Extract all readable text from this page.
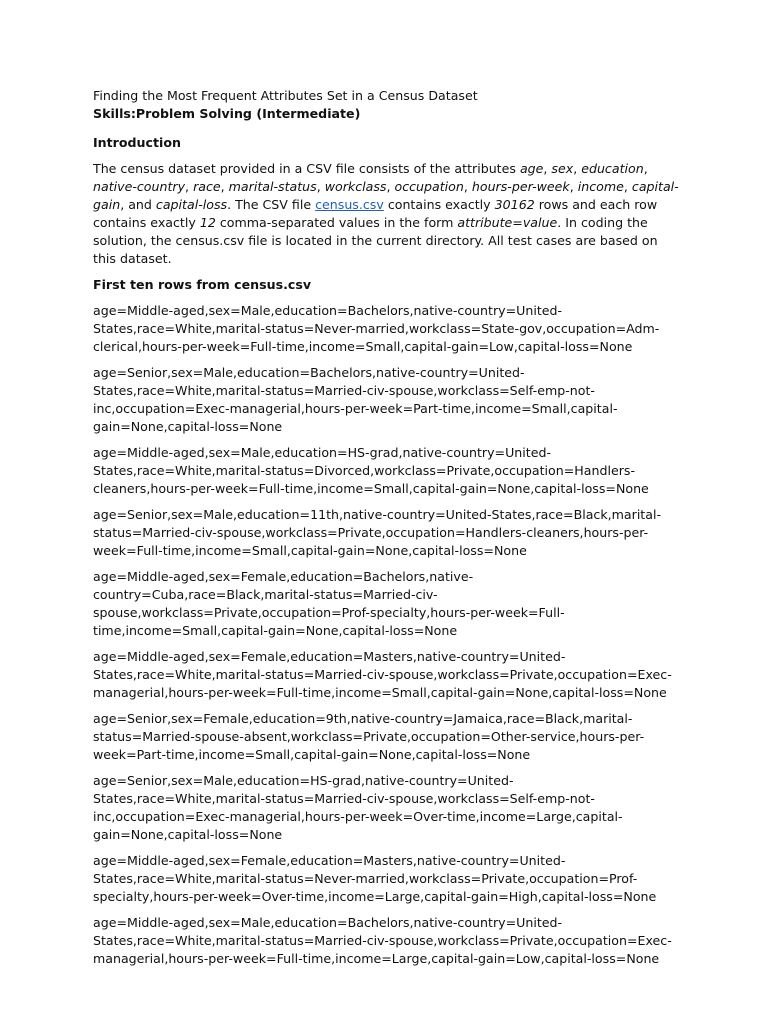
Finding the Most Frequent Attributes Set in a Census Dataset

Skills:Problem Solving (Intermediate)

Introduction

The census dataset provided in a CSV file consists of the attributes age, sex, education, native-country, race, marital-status, workclass, occupation, hours-per-week, income, capital-gain, and capital-loss. The CSV file census.csv contains exactly 30162 rows and each row contains exactly 12 comma-separated values in the form attribute=value. In coding the solution, the census.csv file is located in the current directory. All test cases are based on this dataset.

First ten rows from census.csv

age=Middle-aged,sex=Male,education=Bachelors,native-country=United-States,race=White,marital-status=Never-married,workclass=State-gov,occupation=Adm-clerical,hours-per-week=Full-time,income=Small,capital-gain=Low,capital-loss=None

age=Senior,sex=Male,education=Bachelors,native-country=United-States,race=White,marital-status=Married-civ-spouse,workclass=Self-emp-not-inc,occupation=Exec-managerial,hours-per-week=Part-time,income=Small,capital-gain=None,capital-loss=None

age=Middle-aged,sex=Male,education=HS-grad,native-country=United-States,race=White,marital-status=Divorced,workclass=Private,occupation=Handlers-cleaners,hours-per-week=Full-time,income=Small,capital-gain=None,capital-loss=None

age=Senior,sex=Male,education=11th,native-country=United-States,race=Black,marital-status=Married-civ-spouse,workclass=Private,occupation=Handlers-cleaners,hours-per-week=Full-time,income=Small,capital-gain=None,capital-loss=None

age=Middle-aged,sex=Female,education=Bachelors,native-country=Cuba,race=Black,marital-status=Married-civ-spouse,workclass=Private,occupation=Prof-specialty,hours-per-week=Full-time,income=Small,capital-gain=None,capital-loss=None

age=Middle-aged,sex=Female,education=Masters,native-country=United-States,race=White,marital-status=Married-civ-spouse,workclass=Private,occupation=Exec-managerial,hours-per-week=Full-time,income=Small,capital-gain=None,capital-loss=None

age=Senior,sex=Female,education=9th,native-country=Jamaica,race=Black,marital-status=Married-spouse-absent,workclass=Private,occupation=Other-service,hours-per-week=Part-time,income=Small,capital-gain=None,capital-loss=None

age=Senior,sex=Male,education=HS-grad,native-country=United-States,race=White,marital-status=Married-civ-spouse,workclass=Self-emp-not-inc,occupation=Exec-managerial,hours-per-week=Over-time,income=Large,capital-gain=None,capital-loss=None

age=Middle-aged,sex=Female,education=Masters,native-country=United-States,race=White,marital-status=Never-married,workclass=Private,occupation=Prof-specialty,hours-per-week=Over-time,income=Large,capital-gain=High,capital-loss=None

age=Middle-aged,sex=Male,education=Bachelors,native-country=United-States,race=White,marital-status=Married-civ-spouse,workclass=Private,occupation=Exec-managerial,hours-per-week=Full-time,income=Large,capital-gain=Low,capital-loss=None
